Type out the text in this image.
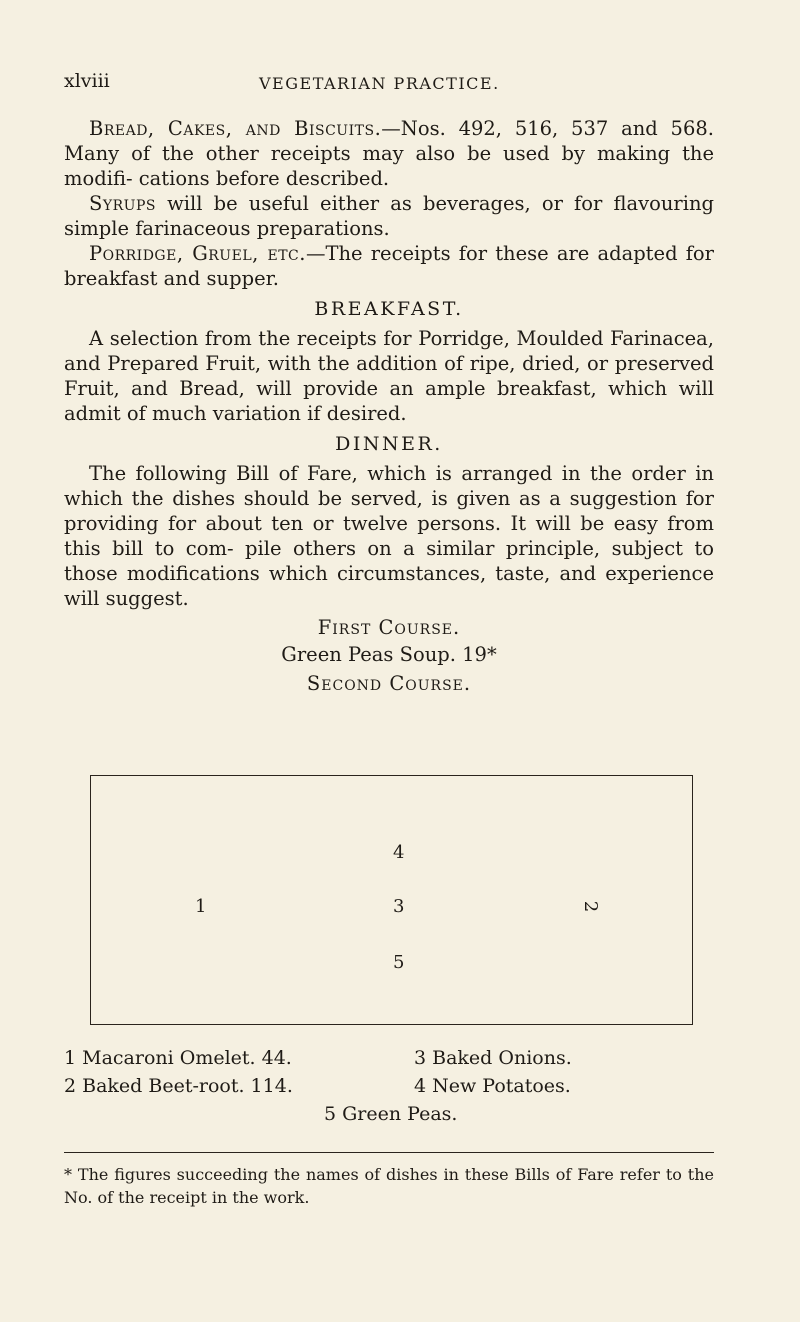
xlviii	VEGETARIAN PRACTICE.

Bread, Cakes, and Biscuits.—Nos. 492, 516, 537 and 568. Many of the other receipts may also be used by making the modifi- cations before described.

Syrups will be useful either as beverages, or for flavouring simple farinaceous preparations.

Porridge, Gruel, etc.—The receipts for these are adapted for breakfast and supper.

BREAKFAST.

A selection from the receipts for Porridge, Moulded Farinacea, and Prepared Fruit, with the addition of ripe, dried, or preserved Fruit, and Bread, will provide an ample breakfast, which will admit of much variation if desired.

DINNER.

The following Bill of Fare, which is arranged in the order in which the dishes should be served, is given as a suggestion for providing for about ten or twelve persons. It will be easy from this bill to com- pile others on a similar principle, subject to those modifications which circumstances, taste, and experience will suggest.

First Course.
Green Peas Soup. 19*
Second Course.
4
1	3	2
5
1 Macaroni Omelet. 44.	3 Baked Onions.
2 Baked Beet-root. 114.	4 New Potatoes.
5 Green Peas.
* The figures succeeding the names of dishes in these Bills of Fare refer to the No. of the receipt in the work.
